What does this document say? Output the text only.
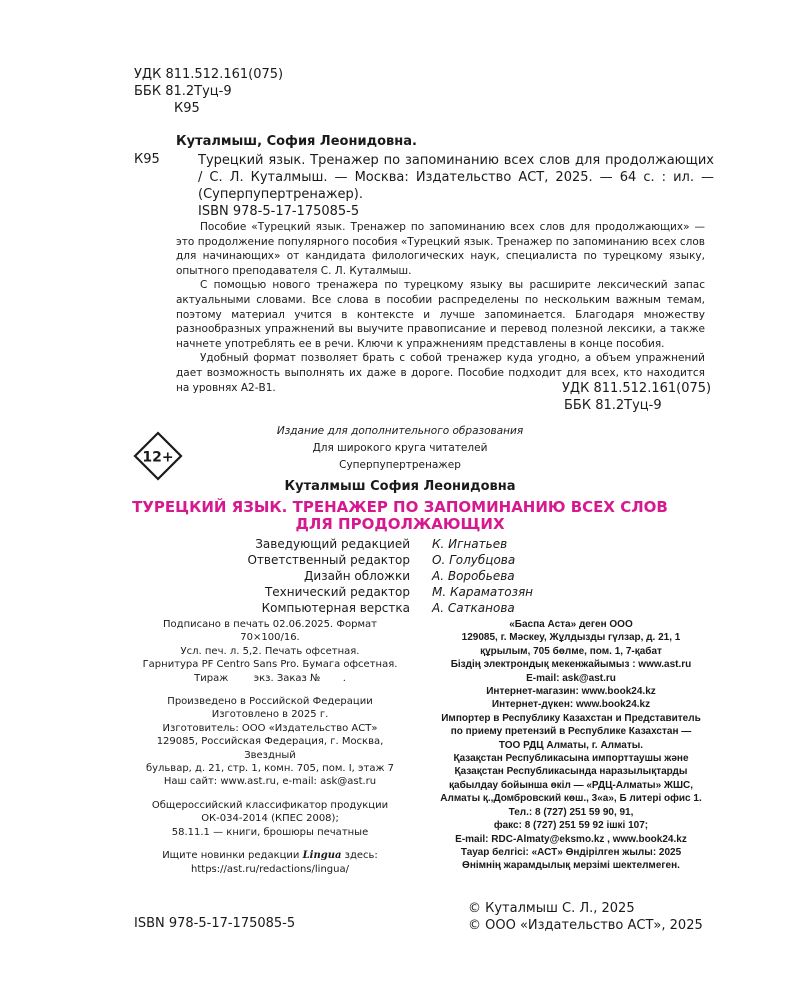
УДК 811.512.161(075)
ББК 81.2Туц-9
К95
Куталмыш, София Леонидовна.
К95	Турецкий язык. Тренажер по запоминанию всех слов для продолжающих / С. Л. Куталмыш. — Москва: Издательство АСТ, 2025. — 64 с. : ил. — (Суперпупертренажер).
ISBN 978-5-17-175085-5

Пособие «Турецкий язык. Тренажер по запоминанию всех слов для продолжающих» — это продолжение популярного пособия «Турецкий язык. Тренажер по запоминанию всех слов для начинающих» от кандидата филологических наук, специалиста по турецкому языку, опытного преподавателя С. Л. Куталмыш.

С помощью нового тренажера по турецкому языку вы расширите лексический запас актуальными словами. Все слова в пособии распределены по нескольким важным темам, поэтому материал учится в контексте и лучше запоминается. Благодаря множеству разнообразных упражнений вы выучите правописание и перевод полезной лексики, а также начнете употреблять ее в речи. Ключи к упражнениям представлены в конце пособия.

Удобный формат позволяет брать с собой тренажер куда угодно, а объем упражнений дает возможность выполнять их даже в дороге. Пособие подходит для всех, кто находится на уровнях А2-В1.	УДК 811.512.161(075)
ББК 81.2Туц-9
Издание для дополнительного образования
Для широкого круга читателей
Суперпупертренажер
12+
Куталмыш София Леонидовна
ТУРЕЦКИЙ ЯЗЫК. ТРЕНАЖЕР ПО ЗАПОМИНАНИЮ ВСЕХ СЛОВ
ДЛЯ ПРОДОЛЖАЮЩИХ
Заведующий редакцией
Ответственный редактор
Дизайн обложки
Технический редактор
Компьютерная верстка
К. Игнатьев
О. Голубцова
А. Воробьева
М. Караматозян
А. Сатканова

Подписано в печать 02.06.2025. Формат 70×100/16.

Усл. печ. л. 5,2. Печать офсетная.

Гарнитура PF Centro Sans Pro. Бумага офсетная.

Тираж        экз. Заказ №       .

Произведено в Российской Федерации

Изготовлено в 2025 г.

Изготовитель: ООО «Издательство АСТ»

129085, Российская Федерация, г. Москва, Звездный

бульвар, д. 21, стр. 1, комн. 705, пом. I, этаж 7

Наш сайт: www.ast.ru, e-mail: ask@ast.ru

Общероссийский классификатор продукции

ОК-034-2014 (КПЕС 2008);

58.11.1 — книги, брошюры печатные

Ищите новинки редакции Lingua здесь:

https://ast.ru/redactions/lingua/

«Баспа Аста» деген ООО

129085, г. Мәскеу, Жұлдызды гүлзар, д. 21, 1

құрылым, 705 бөлме, пом. 1, 7-қабат

Біздің электрондық мекенжайымыз : www.ast.ru

E-mail: ask@ast.ru

Интернет-магазин: www.book24.kz

Интернет-дүкен: www.book24.kz

Импортер в Республику Казахстан и Представитель

по приему претензий в Республике Казахстан —

ТОО РДЦ Алматы, г. Алматы.

Қазақстан Республикасына импорттаушы және

Қазақстан Республикасында наразылықтарды

қабылдау бойынша өкіл — «РДЦ-Алматы» ЖШС,

Алматы қ.,Домбровский көш., 3«а», Б литері офис 1.

Тел.: 8 (727) 251 59 90, 91,

факс: 8 (727) 251 59 92 ішкі 107;

E-mail: RDC-Almaty@eksmo.kz , www.book24.kz

Тауар белгісі: «АСТ» Өндірілген жылы: 2025

Өнімнің жарамдылық мерзімі шектелмеген.

ISBN 978-5-17-175085-5
© Куталмыш С. Л., 2025
© ООО «Издательство АСТ», 2025
